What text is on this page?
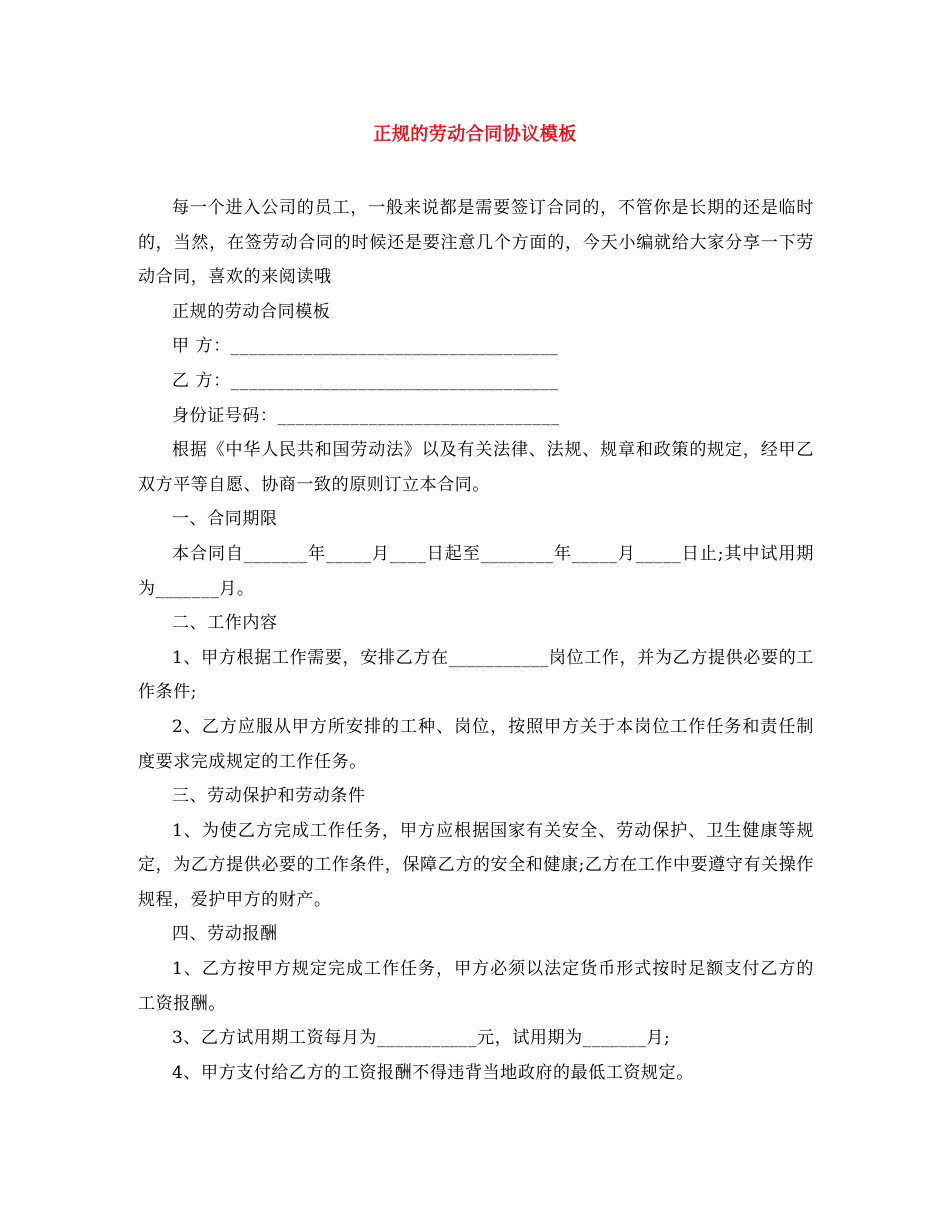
正规的劳动合同协议模板

每一个进入公司的员工，一般来说都是需要签订合同的，不管你是长期的还是临时的，当然，在签劳动合同的时候还是要注意几个方面的，今天小编就给大家分享一下劳动合同，喜欢的来阅读哦

正规的劳动合同模板

甲 方：____________________________________

乙 方：____________________________________

身份证号码：_______________________________

根据《中华人民共和国劳动法》以及有关法律、法规、规章和政策的规定，经甲乙双方平等自愿、协商一致的原则订立本合同。

一、合同期限

本合同自_______年_____月____日起至________年_____月_____日止;其中试用期为_______月。

二、工作内容

1、甲方根据工作需要，安排乙方在___________岗位工作，并为乙方提供必要的工作条件;

2、乙方应服从甲方所安排的工种、岗位，按照甲方关于本岗位工作任务和责任制度要求完成规定的工作任务。

三、劳动保护和劳动条件

1、为使乙方完成工作任务，甲方应根据国家有关安全、劳动保护、卫生健康等规定，为乙方提供必要的工作条件，保障乙方的安全和健康;乙方在工作中要遵守有关操作规程，爱护甲方的财产。

四、劳动报酬

1、乙方按甲方规定完成工作任务，甲方必须以法定货币形式按时足额支付乙方的工资报酬。

3、乙方试用期工资每月为___________元，试用期为_______月;

4、甲方支付给乙方的工资报酬不得违背当地政府的最低工资规定。
